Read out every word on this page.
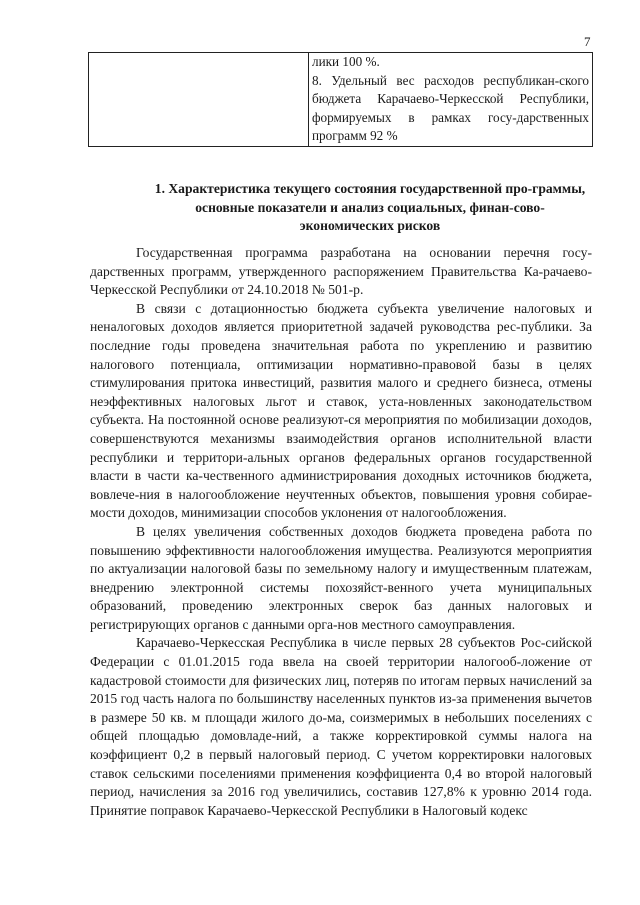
7

лики 100 %.
8. Удельный вес расходов республикан-ского бюджета Карачаево-Черкесской Республики, формируемых в рамках госу-дарственных программ 92 %
1. Характеристика текущего состояния государственной про-граммы, основные показатели и анализ социальных, финан-сово-экономических рисков

Государственная программа разработана на основании перечня госу-дарственных программ, утвержденного распоряжением Правительства Ка-рачаево-Черкесской Республики от 24.10.2018 № 501-р.

В связи с дотационностью бюджета субъекта увеличение налоговых и неналоговых доходов является приоритетной задачей руководства рес-публики. За последние годы проведена значительная работа по укреплению и развитию налогового потенциала, оптимизации нормативно-правовой базы в целях стимулирования притока инвестиций, развития малого и среднего бизнеса, отмены неэффективных налоговых льгот и ставок, уста-новленных законодательством субъекта. На постоянной основе реализуют-ся мероприятия по мобилизации доходов, совершенствуются механизмы взаимодействия органов исполнительной власти республики и территори-альных органов федеральных органов государственной власти в части ка-чественного администрирования доходных источников бюджета, вовлече-ния в налогообложение неучтенных объектов, повышения уровня собирае-мости доходов, минимизации способов уклонения от налогообложения.

В целях увеличения собственных доходов бюджета проведена работа по повышению эффективности налогообложения имущества. Реализуются мероприятия по актуализации налоговой базы по земельному налогу и имущественным платежам, внедрению электронной системы похозяйст-венного учета муниципальных образований, проведению электронных сверок баз данных налоговых и регистрирующих органов с данными орга-нов местного самоуправления.

Карачаево-Черкесская Республика в числе первых 28 субъектов Рос-сийской Федерации с 01.01.2015 года ввела на своей территории налогооб-ложение от кадастровой стоимости для физических лиц, потеряв по итогам первых начислений за 2015 год часть налога по большинству населенных пунктов из-за применения вычетов в размере 50 кв. м площади жилого до-ма, соизмеримых в небольших поселениях с общей площадью домовладе-ний, а также корректировкой суммы налога на коэффициент 0,2 в первый налоговый период. С учетом корректировки налоговых ставок сельскими поселениями применения коэффициента 0,4 во второй налоговый период, начисления за 2016 год увеличились, составив 127,8% к уровню 2014 года. Принятие поправок Карачаево-Черкесской Республики в Налоговый кодекс
